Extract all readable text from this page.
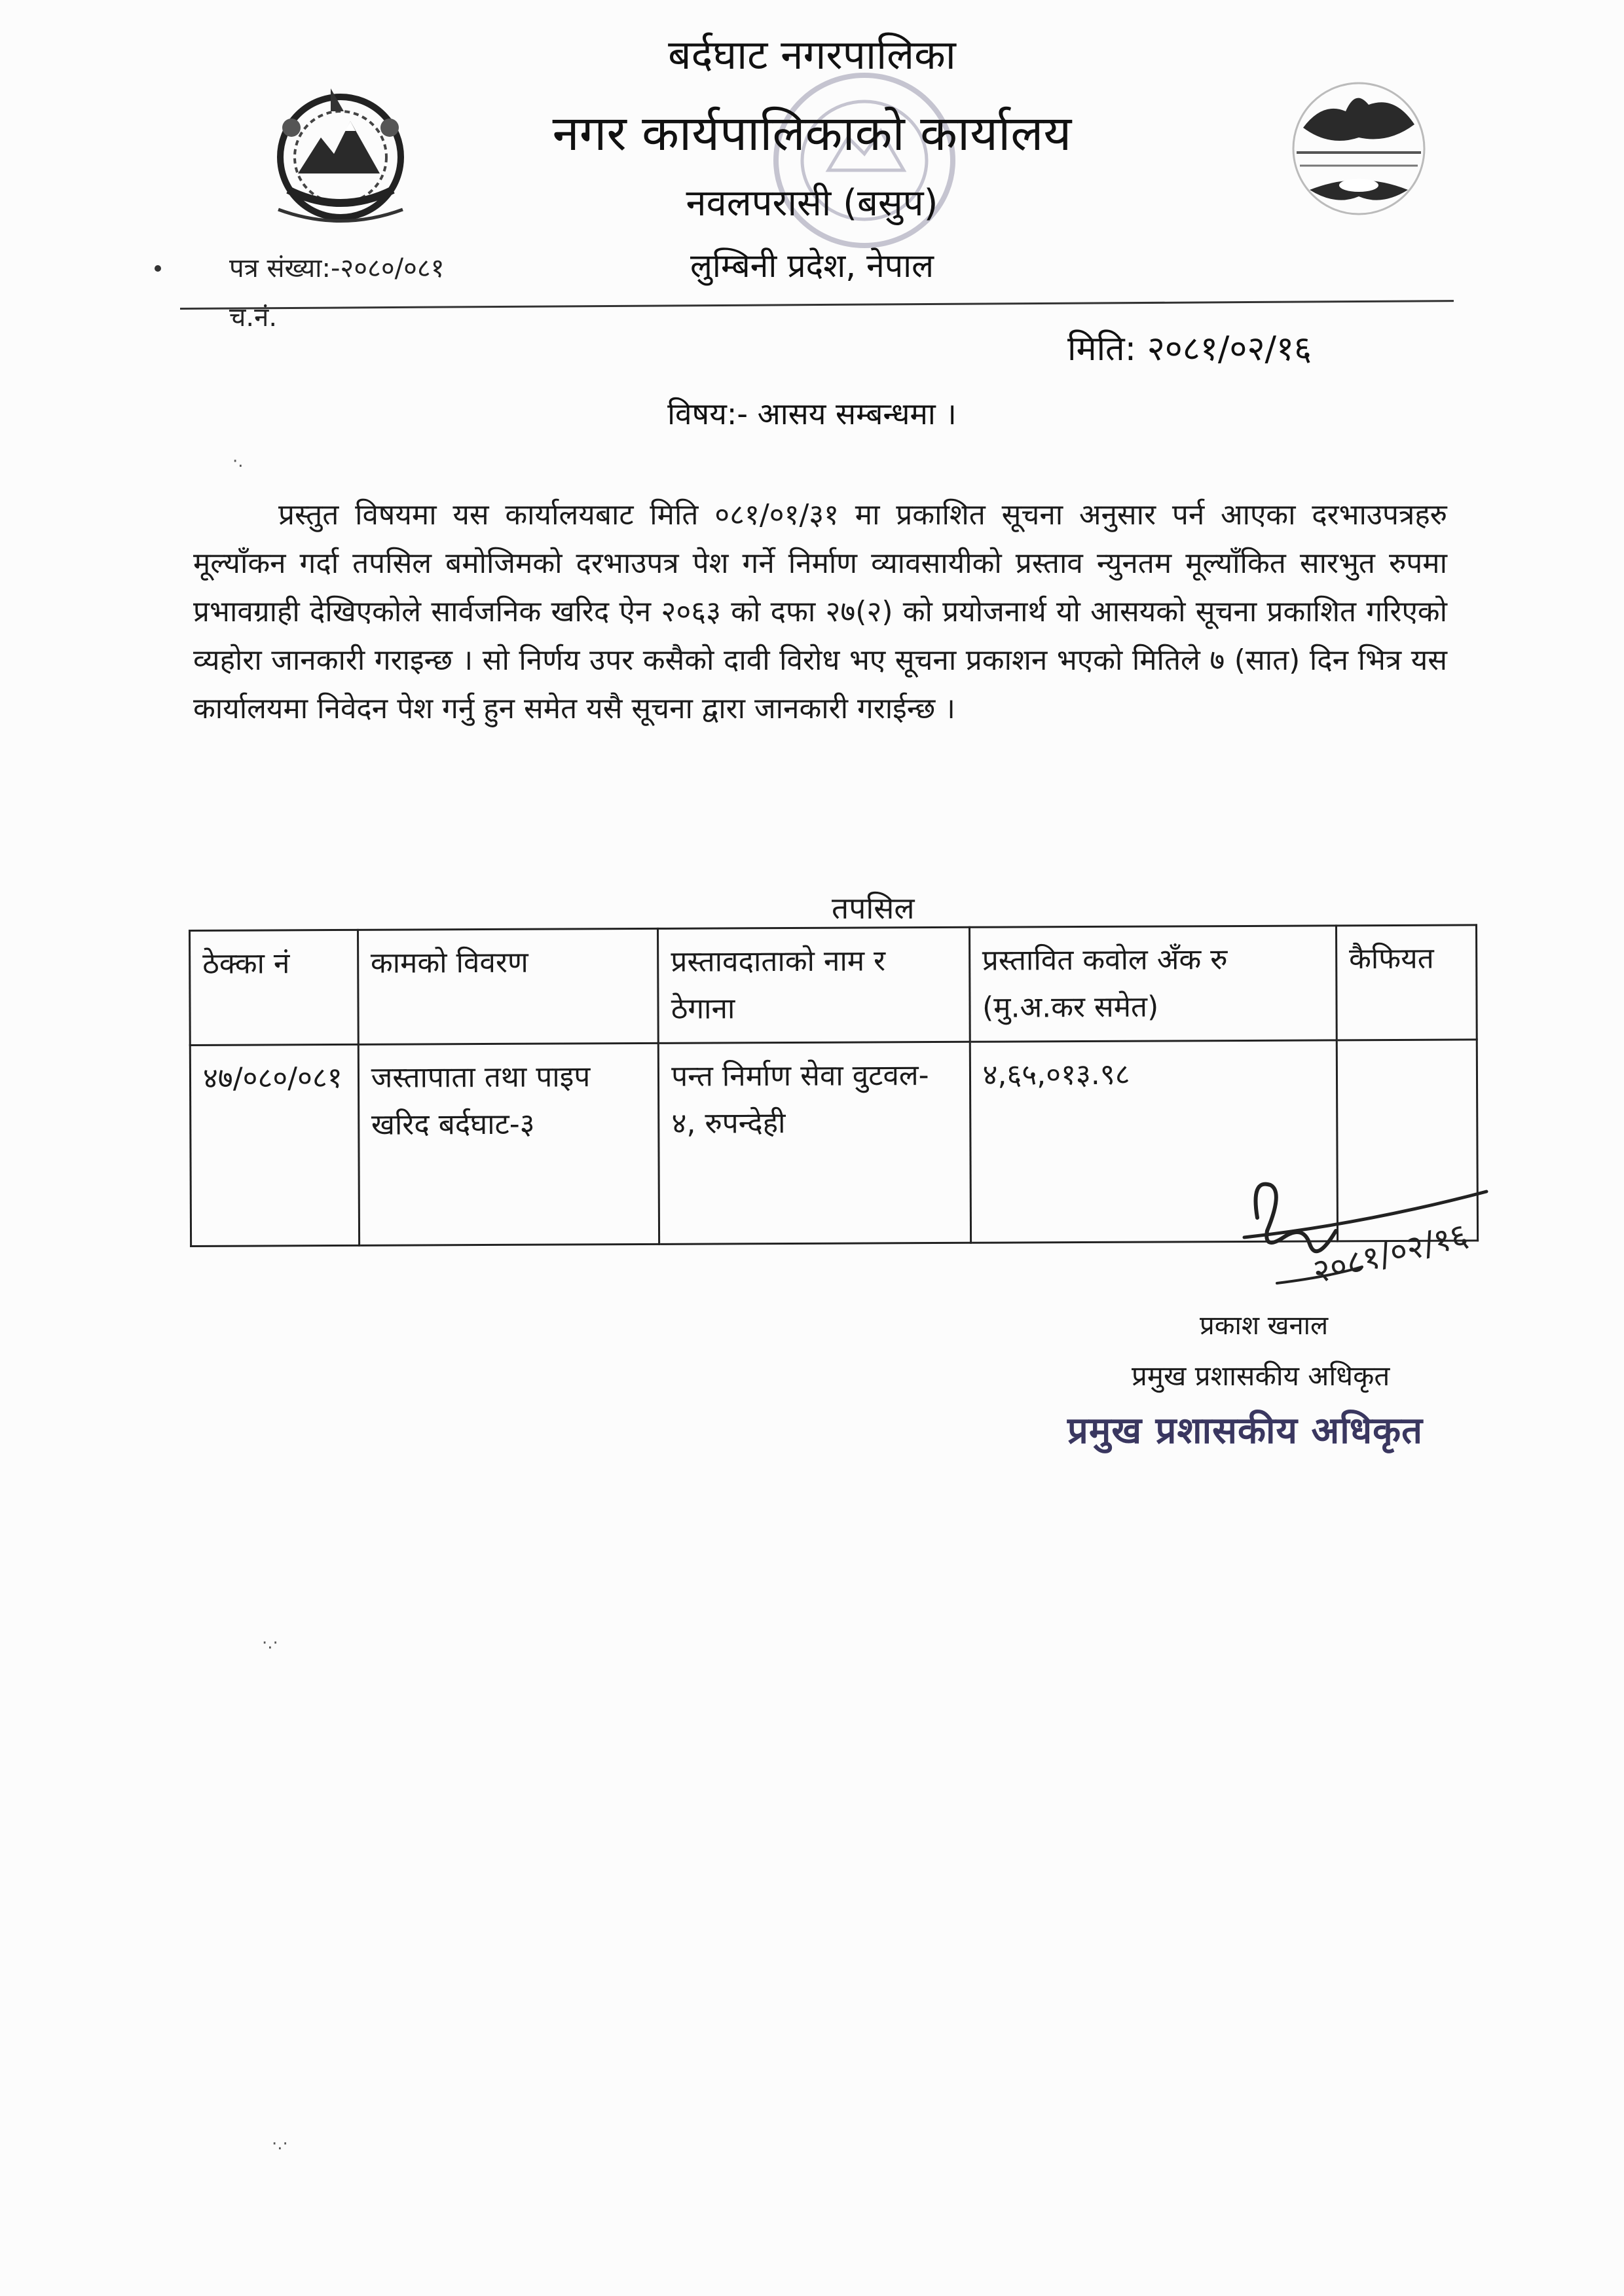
बर्दघाट नगरपालिका
नगर कार्यपालिकाको कार्यालय
नवलपरासी (बसुप)
लुम्बिनी प्रदेश, नेपाल
पत्र संख्या:-२०८०/०८१
च.नं.
मिति: २०८१/०२/१६
विषय:- आसय सम्बन्धमा ।
·.
प्रस्तुत विषयमा यस कार्यालयबाट मिति ०८१/०१/३१ मा प्रकाशित सूचना अनुसार पर्न आएका दरभाउपत्रहरु मूल्यॉंकन गर्दा तपसिल बमोजिमको दरभाउपत्र पेश गर्ने निर्माण व्यावसायीको प्रस्ताव न्युनतम मूल्यॉंकित सारभुत रुपमा प्रभावग्राही देखिएकोले सार्वजनिक खरिद ऐन २०६३ को दफा २७(२) को प्रयोजनार्थ यो आसयको सूचना प्रकाशित गरिएको व्यहोरा जानकारी गराइन्छ । सो निर्णय उपर कसैको दावी विरोध भए सूचना प्रकाशन भएको मितिले ७ (सात) दिन भित्र यस कार्यालयमा निवेदन पेश गर्नु हुन समेत यसै सूचना द्वारा जानकारी गराईन्छ ।
तपसिल
ठेक्का नं	कामको विवरण	प्रस्तावदाताको नाम र ठेगाना	प्रस्तावित कवोल अँक रु (मु.अ.कर समेत)	कैफियत
४७/०८०/०८१	जस्तापाता तथा पाइप खरिद बर्दघाट-३	पन्त निर्माण सेवा वुटवल- ४, रुपन्देही	४,६५,०१३.९८	
२०८१/०२/१६
प्रकाश खनाल
प्रमुख प्रशासकीय अधिकृत
प्रमुख प्रशासकीय अधिकृत
·.·
·.·
